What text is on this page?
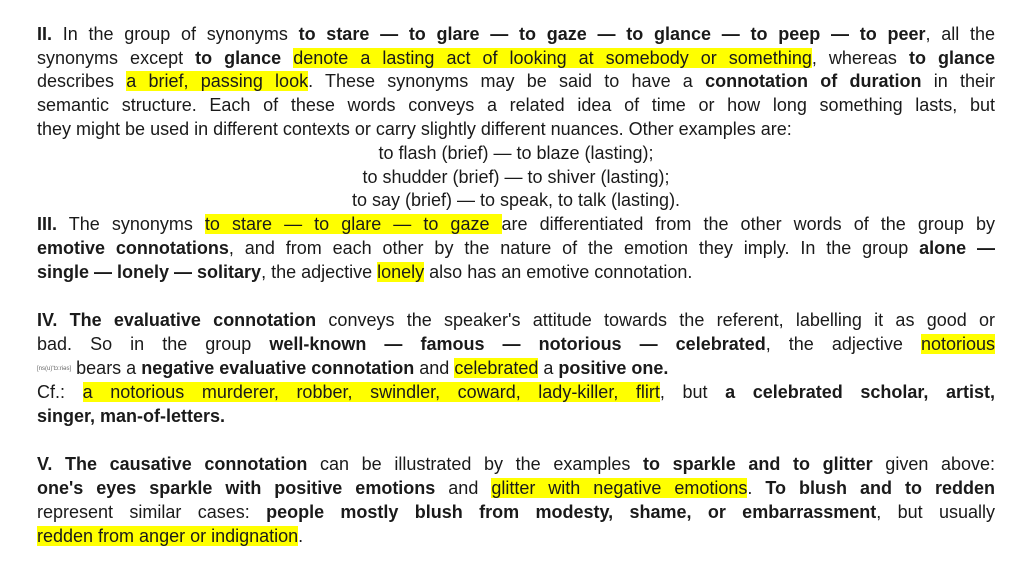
II. In the group of synonyms to stare — to glare — to gaze — to glance — to peep — to peer, all the
synonyms except to glance denote a lasting act of looking at somebody or something, whereas to glance
describes a brief, passing look. These synonyms may be said to have a connotation of duration in their
semantic structure. Each of these words conveys a related idea of time or how long something lasts, but
they might be used in different contexts or carry slightly different nuances. Other examples are:
to flash (brief) — to blaze (lasting);
to shudder (brief) — to shiver (lasting);
to say (brief) — to speak, to talk (lasting).
III. The synonyms to stare — to glare — to gaze are differentiated from the other words of the group by
emotive connotations, and from each other by the nature of the emotion they imply. In the group alone —
single — lonely — solitary, the adjective lonely also has an emotive connotation.
IV. The evaluative connotation conveys the speaker's attitude towards the referent, labelling it as good or
bad. So in the group well-known — famous — notorious — celebrated, the adjective notorious
[ns(u)'tɔ:riəs] bears a negative evaluative connotation and celebrated a positive one.
Cf.: a notorious murderer, robber, swindler, coward, lady-killer, flirt, but a celebrated scholar, artist,
singer, man-of-letters.
V. The causative connotation can be illustrated by the examples to sparkle and to glitter given above:
one's eyes sparkle with positive emotions and glitter with negative emotions. To blush and to redden
represent similar cases: people mostly blush from modesty, shame, or embarrassment, but usually
redden from anger or indignation.
